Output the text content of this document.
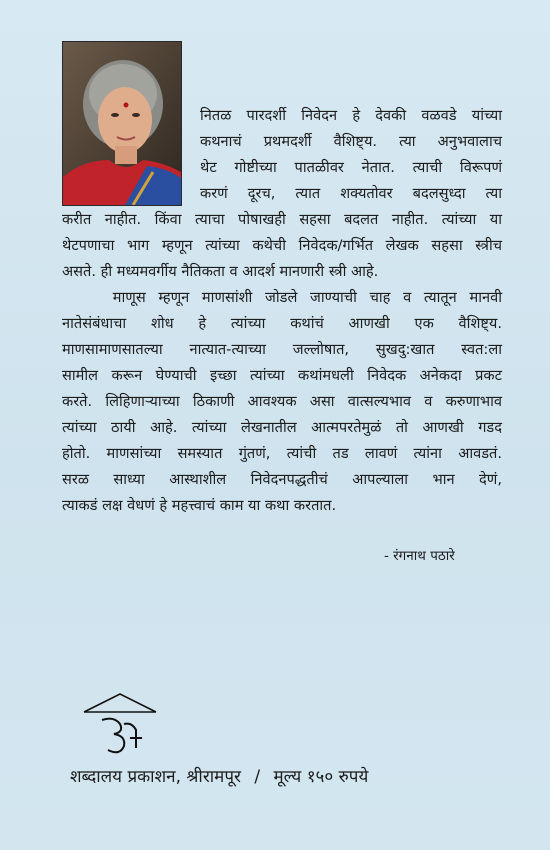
नितळ पारदर्शी निवेदन हे देवकी वळवडे यांच्या
कथनाचं प्रथमदर्शी वैशिष्ट्य. त्या अनुभवालाच
थेट गोष्टीच्या पातळीवर नेतात. त्याची विरूपणं
करणं दूरच, त्यात शक्यतोवर बदलसुध्दा त्या
करीत नाहीत. किंवा त्याचा पोषाखही सहसा बदलत नाहीत. त्यांच्या या
थेटपणाचा भाग म्हणून त्यांच्या कथेची निवेदक/गर्भित लेखक सहसा स्त्रीच
असते. ही मध्यमवर्गीय नैतिकता व आदर्श मानणारी स्त्री आहे.
माणूस म्हणून माणसांशी जोडले जाण्याची चाह व त्यातून मानवी
नातेसंबंधाचा शोध हे त्यांच्या कथांचं आणखी एक वैशिष्ट्य.
माणसामाणसातल्या नात्यात-त्याच्या जल्लोषात, सुखदु:खात स्वत:ला
सामील करून घेण्याची इच्छा त्यांच्या कथांमधली निवेदक अनेकदा प्रकट
करते. लिहिणाऱ्याच्या ठिकाणी आवश्यक असा वात्सल्यभाव व करुणाभाव
त्यांच्या ठायी आहे. त्यांच्या लेखनातील आत्मपरतेमुळं तो आणखी गडद
होतो. माणसांच्या समस्यात गुंतणं, त्यांची तड लावणं त्यांना आवडतं.
सरळ साध्या आस्थाशील निवेदनपद्धतीचं आपल्याला भान देणं,
त्याकडं लक्ष वेधणं हे महत्त्वाचं काम या कथा करतात.
- रंगनाथ पठारे
शब्दालय प्रकाशन, श्रीरामपूर / मूल्य १५० रुपये
